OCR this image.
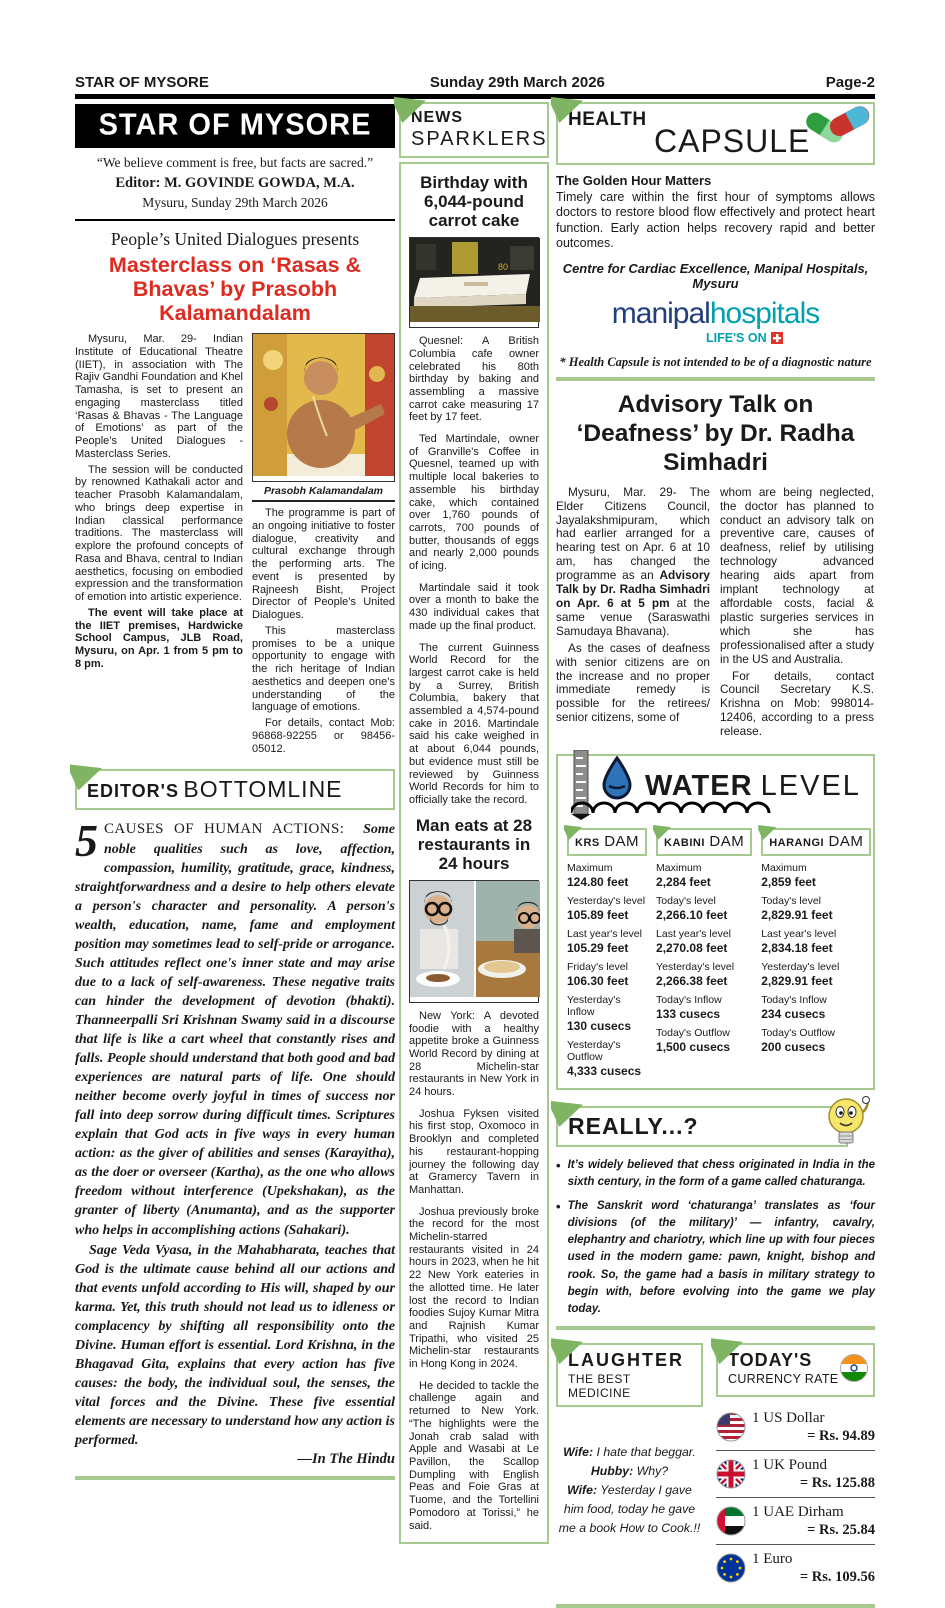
STAR OF MYSORE	Sunday 29th March 2026	Page-2
STAR OF MYSORE
“We believe comment is free, but facts are sacred.”
Editor: M. GOVINDE GOWDA, M.A.
Mysuru, Sunday 29th March 2026
People’s United Dialogues presents
Masterclass on ‘Rasas & Bhavas’ by Prasobh Kalamandalam

Mysuru, Mar. 29- Indian Institute of Educational Theatre (IIET), in association with The Rajiv Gandhi Foundation and Khel Tamasha, is set to present an engaging masterclass titled ‘Rasas & Bhavas - The Language of Emotions’ as part of the People’s United Dialogues - Masterclass Series.

The session will be conducted by renowned Kathakali actor and teacher Prasobh Kalamandalam, who brings deep expertise in Indian classical performance traditions. The masterclass will explore the profound concepts of Rasa and Bhava, central to Indian aesthetics, focusing on embodied expression and the transformation of emotion into artistic experience.

The event will take place at the IIET premises, Hardwicke School Campus, JLB Road, Mysuru, on Apr. 1 from 5 pm to 8 pm.

Prasobh Kalamandalam

The programme is part of an ongoing initiative to foster dialogue, creativity and cultural exchange through the performing arts. The event is presented by Rajneesh Bisht, Project Director of People’s United Dialogues.

This masterclass promises to be a unique opportunity to engage with the rich heritage of Indian aesthetics and deepen one’s understanding of the language of emotions.

For details, contact Mob: 96868-92255 or 98456-05012.

EDITOR'S BOTTOMLINE
5 CAUSES OF HUMAN ACTIONS: Some noble qualities such as love, affection, compassion, humility, gratitude, grace, kindness, straightforwardness and a desire to help others elevate a person's character and personality. A person's wealth, education, name, fame and employment position may sometimes lead to self-pride or arrogance. Such attitudes reflect one's inner state and may arise due to a lack of self-awareness. These negative traits can hinder the development of devotion (bhakti). Thanneerpalli Sri Krishnan Swamy said in a discourse that life is like a cart wheel that constantly rises and falls. People should understand that both good and bad experiences are natural parts of life. One should neither become overly joyful in times of success nor fall into deep sorrow during difficult times. Scriptures explain that God acts in five ways in every human action: as the giver of abilities and senses (Karayitha), as the doer or overseer (Kartha), as the one who allows freedom without interference (Upekshakan), as the granter of liberty (Anumanta), and as the supporter who helps in accomplishing actions (Sahakari).
Sage Veda Vyasa, in the Mahabharata, teaches that God is the ultimate cause behind all our actions and that events unfold according to His will, shaped by our karma. Yet, this truth should not lead us to idleness or complacency by shifting all responsibility onto the Divine. Human effort is essential. Lord Krishna, in the Bhagavad Gita, explains that every action has five causes: the body, the individual soul, the senses, the vital forces and the Divine. These five essential elements are necessary to understand how any action is performed.
—In The Hindu
NEWS
SPARKLERS
Birthday with 6,044-pound carrot cake
80

Quesnel: A British Columbia cafe owner celebrated his 80th birthday by baking and assembling a massive carrot cake measuring 17 feet by 17 feet.

Ted Martindale, owner of Granville's Coffee in Quesnel, teamed up with multiple local bakeries to assemble his birthday cake, which contained over 1,760 pounds of carrots, 700 pounds of butter, thousands of eggs and nearly 2,000 pounds of icing.

Martindale said it took over a month to bake the 430 individual cakes that made up the final product.

The current Guinness World Record for the largest carrot cake is held by a Surrey, British Columbia, bakery that assembled a 4,574-pound cake in 2016. Martindale said his cake weighed in at about 6,044 pounds, but evidence must still be reviewed by Guinness World Records for him to officially take the record.

Man eats at 28 restaurants in 24 hours

New York: A devoted foodie with a healthy appetite broke a Guinness World Record by dining at 28 Michelin-star restaurants in New York in 24 hours.

Joshua Fyksen visited his first stop, Oxomoco in Brooklyn and completed his restaurant-hopping journey the following day at Gramercy Tavern in Manhattan.

Joshua previously broke the record for the most Michelin-starred restaurants visited in 24 hours in 2023, when he hit 22 New York eateries in the allotted time. He later lost the record to Indian foodies Sujoy Kumar Mitra and Rajnish Kumar Tripathi, who visited 25 Michelin-star restaurants in Hong Kong in 2024.

He decided to tackle the challenge again and returned to New York. “The highlights were the Jonah crab salad with Apple and Wasabi at Le Pavillon, the Scallop Dumpling with English Peas and Foie Gras at Tuome, and the Tortellini Pomodoro at Torissi,” he said.

HEALTH
CAPSULE
The Golden Hour Matters
Timely care within the first hour of symptoms allows doctors to restore blood flow effectively and protect heart function. Early action helps recovery rapid and better outcomes.
Centre for Cardiac Excellence, Manipal Hospitals, Mysuru
manipalhospitals
LIFE'S ON
* Health Capsule is not intended to be of a diagnostic nature
Advisory Talk on ‘Deafness’ by Dr. Radha Simhadri

Mysuru, Mar. 29- The Elder Citizens Council, Jayalakshmipuram, which had earlier arranged for a hearing test on Apr. 6 at 10 am, has changed the programme as an Advisory Talk by Dr. Radha Simhadri on Apr. 6 at 5 pm at the same venue (Saraswathi Samudaya Bhavana).

As the cases of deafness with senior citizens are on the increase and no proper immediate remedy is possible for the retirees/ senior citizens, some of

whom are being neglected, the doctor has planned to conduct an advisory talk on preventive care, causes of deafness, relief by utilising technology advanced hearing aids apart from implant technology at affordable costs, facial & plastic surgeries services in which she has professionalised after a study in the US and Australia.

For details, contact Council Secretary K.S. Krishna on Mob: 998014-12406, according to a press release.

WATER LEVEL
KRS DAM
Maximum
124.80 feet
Yesterday's level
105.89 feet
Last year's level
105.29 feet
Friday's level
106.30 feet
Yesterday's Inflow
130 cusecs
Yesterday's Outflow
4,333 cusecs
KABINI DAM
Maximum
2,284 feet
Today's level
2,266.10 feet
Last year's level
2,270.08 feet
Yesterday's level
2,266.38 feet
Today's Inflow
133 cusecs
Today's Outflow
1,500 cusecs
HARANGI DAM
Maximum
2,859 feet
Today's level
2,829.91 feet
Last year's level
2,834.18 feet
Yesterday's level
2,829.91 feet
Today's Inflow
234 cusecs
Today's Outflow
200 cusecs
REALLY...?
• It’s widely believed that chess originated in India in the sixth century, in the form of a game called chaturanga.
• The Sanskrit word ‘chaturanga’ translates as ‘four divisions (of the military)’ — infantry, cavalry, elephantry and chariotry, which line up with four pieces used in the modern game: pawn, knight, bishop and rook. So, the game had a basis in military strategy to begin with, before evolving into the game we play today.
LAUGHTER
THE BEST MEDICINE
Wife: I hate that beggar.
Hubby: Why?
Wife: Yesterday I gave him food, today he gave me a book How to Cook.!!
TODAY'S
CURRENCY RATE
1 US Dollar
= Rs. 94.89
1 UK Pound
= Rs. 125.88
1 UAE Dirham
= Rs. 25.84
1 Euro
= Rs. 109.56
